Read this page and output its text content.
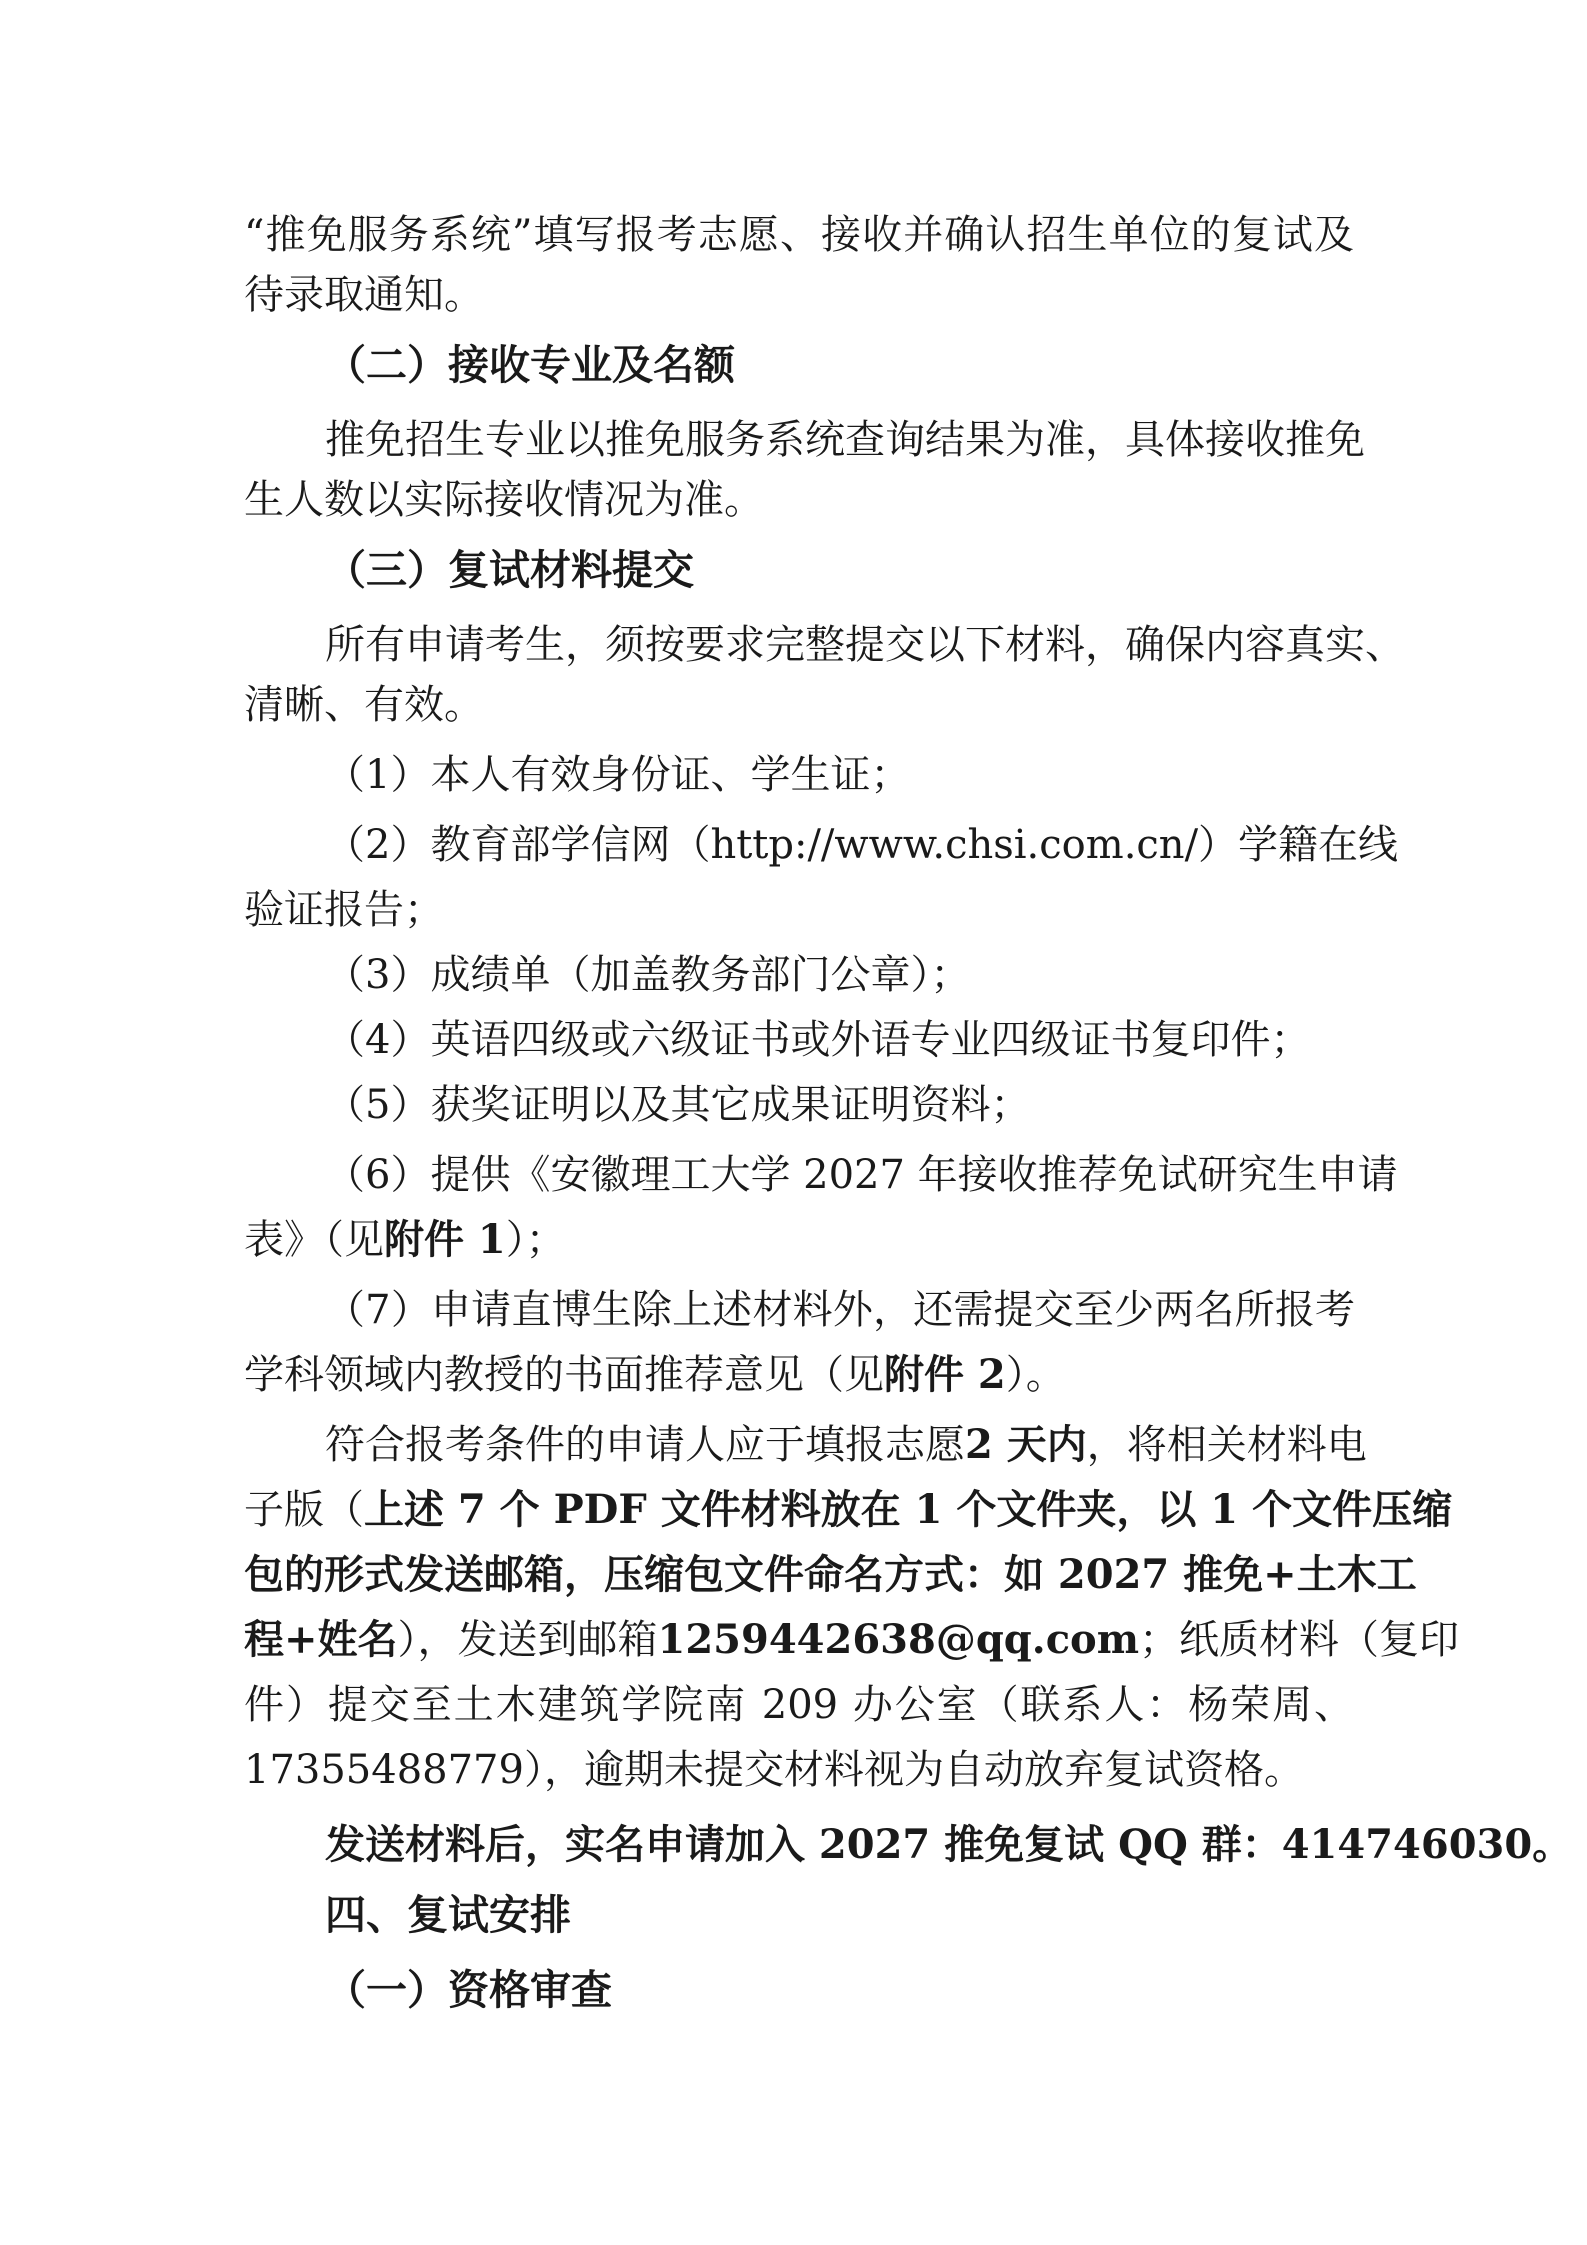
“推免服务系统”填写报考志愿、接收并确认招生单位的复试及
待录取通知。
（二）接收专业及名额
推免招生专业以推免服务系统查询结果为准，具体接收推免
生人数以实际接收情况为准。
（三）复试材料提交
所有申请考生，须按要求完整提交以下材料，确保内容真实、
清晰、有效。
（1）本人有效身份证、学生证；
（2）教育部学信网（http://www.chsi.com.cn/）学籍在线
验证报告；
（3）成绩单（加盖教务部门公章）；
（4）英语四级或六级证书或外语专业四级证书复印件；
（5）获奖证明以及其它成果证明资料；
（6）提供《安徽理工大学 2027 年接收推荐免试研究生申请
表》（见附件 1）；
（7）申请直博生除上述材料外，还需提交至少两名所报考
学科领域内教授的书面推荐意见（见附件 2）。
符合报考条件的申请人应于填报志愿2 天内，将相关材料电
子版（上述 7 个 PDF 文件材料放在 1 个文件夹，以 1 个文件压缩
包的形式发送邮箱，压缩包文件命名方式：如 2027 推免+土木工
程+姓名），发送到邮箱1259442638@qq.com；纸质材料（复印
件）提交至土木建筑学院南 209 办公室（联系人：杨荣周、
17355488779），逾期未提交材料视为自动放弃复试资格。
发送材料后，实名申请加入 2027 推免复试 QQ 群：414746030。
四、复试安排
（一）资格审查
